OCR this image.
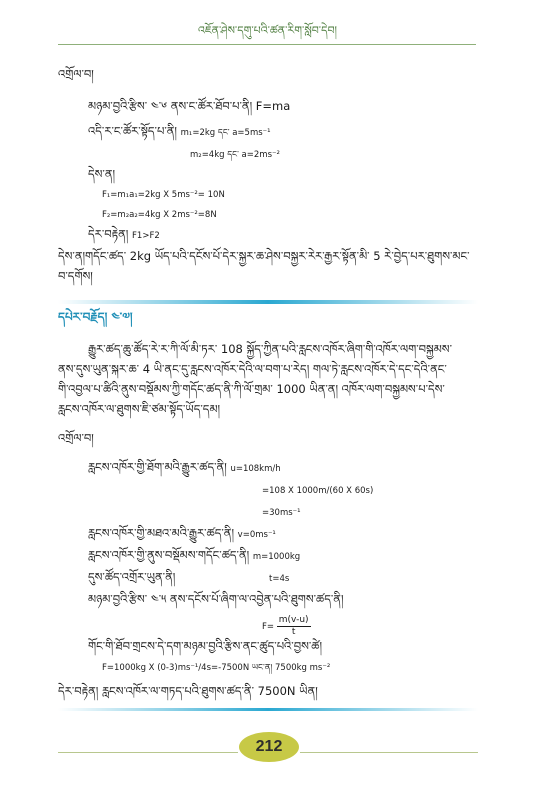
འཇོན་ཤེས་དགུ་པའི་ཚན་རིག་སློབ་དེབ།
འགྲོལ་བ།
མཉམ་བྱའི་རྩིས་ ༤་༦ ནས་ང་ཚོར་ཐོབ་པ་ནི། F=ma
འདི་ར་ང་ཚོར་སྟོད་པ་ནི། m₁=2kg དང་ a=5ms⁻¹
m₂=4kg དང་ a=2ms⁻²
དེས་ན།
F₁=m₁a₁=2kg X 5ms⁻²= 10N
F₂=m₂a₂=4kg X 2ms⁻²=8N
དེར་བརྟེན། F1>F2
དེས་ན།གདོང་ཚད་ 2kg ཡོད་པའི་དངོས་པོ་དེར་སྐྱར་ཆ་ཤེས་བསྐྱར་རེར་རྒྱར་སྟོན་མི་ 5 རེ་བྱེད་པར་ཐུགས་མང་
བ་དགོས།
དཔེར་བརྗོད། ༤་༧།
རྒྱུར་ཚད་ཆུ་ཚོད་རེ་ར་ཀི་ལོ་མི་ཏར་ 108 སྐྱོད་ཀྱིན་པའི་རླངས་འཁོར་ཞིག་གི་འཁོར་ལག་བསྐྱམས་
ནས་དུས་ཡུན་སྐར་ཆ་ 4 ཡི་ནང་དུ་རླངས་འཁོར་དེའི་ལ་བག་པ་རེད། གལ་ཏེ་རླངས་འཁོར་དེ་དང་དེའི་ནང་
གི་འབྱལ་པ་ཚིའི་ནུས་བསྡོམས་ཀྱི་གདོང་ཚད་ནི་ཀི་ལོ་གྲམ་ 1000 ཡིན་ན། འཁོར་ལག་བསྐྱམས་པ་དེས་
རླངས་འཁོར་ལ་ཐུགས་ཇི་ཙམ་སྟོད་ཡོད་དམ།
འགྲོལ་བ།
རླངས་འཁོར་གྱི་ཐོག་མའི་རྒྱུར་ཚད་ནི། u=108km/h
=108 X 1000m/(60 X 60s)
=30ms⁻¹
རླངས་འཁོར་གྱི་མཐའ་མའི་རྒྱུར་ཚད་ནི། v=0ms⁻¹
རླངས་འཁོར་གྱི་ནུས་བསྡོམས་གདོང་ཚད་ནི། m=1000kg
དུས་ཚོད་འགྲོར་ཡུན་ནི།	t=4s
མཉམ་བྱའི་རྩིས་ ༤་༥ ནས་དངོས་པོ་ཞིག་ལ་འབྱེན་པའི་ཐུགས་ཚད་ནི།
$F= \frac{m(v-u)}{t}$
གོང་གི་ཐོབ་གྲངས་དེ་དག་མཉམ་བྱའི་རྩིས་ནང་ཚུད་པའི་བྱས་ཚེ།
F=1000kg X (0-3)ms⁻¹/4s=-7500N ཡང་ན། 7500kg ms⁻²
དེར་བརྟེན། རླངས་འཁོར་ལ་གཏད་པའི་ཐུགས་ཚད་ནི་ 7500N ཡིན།
212
